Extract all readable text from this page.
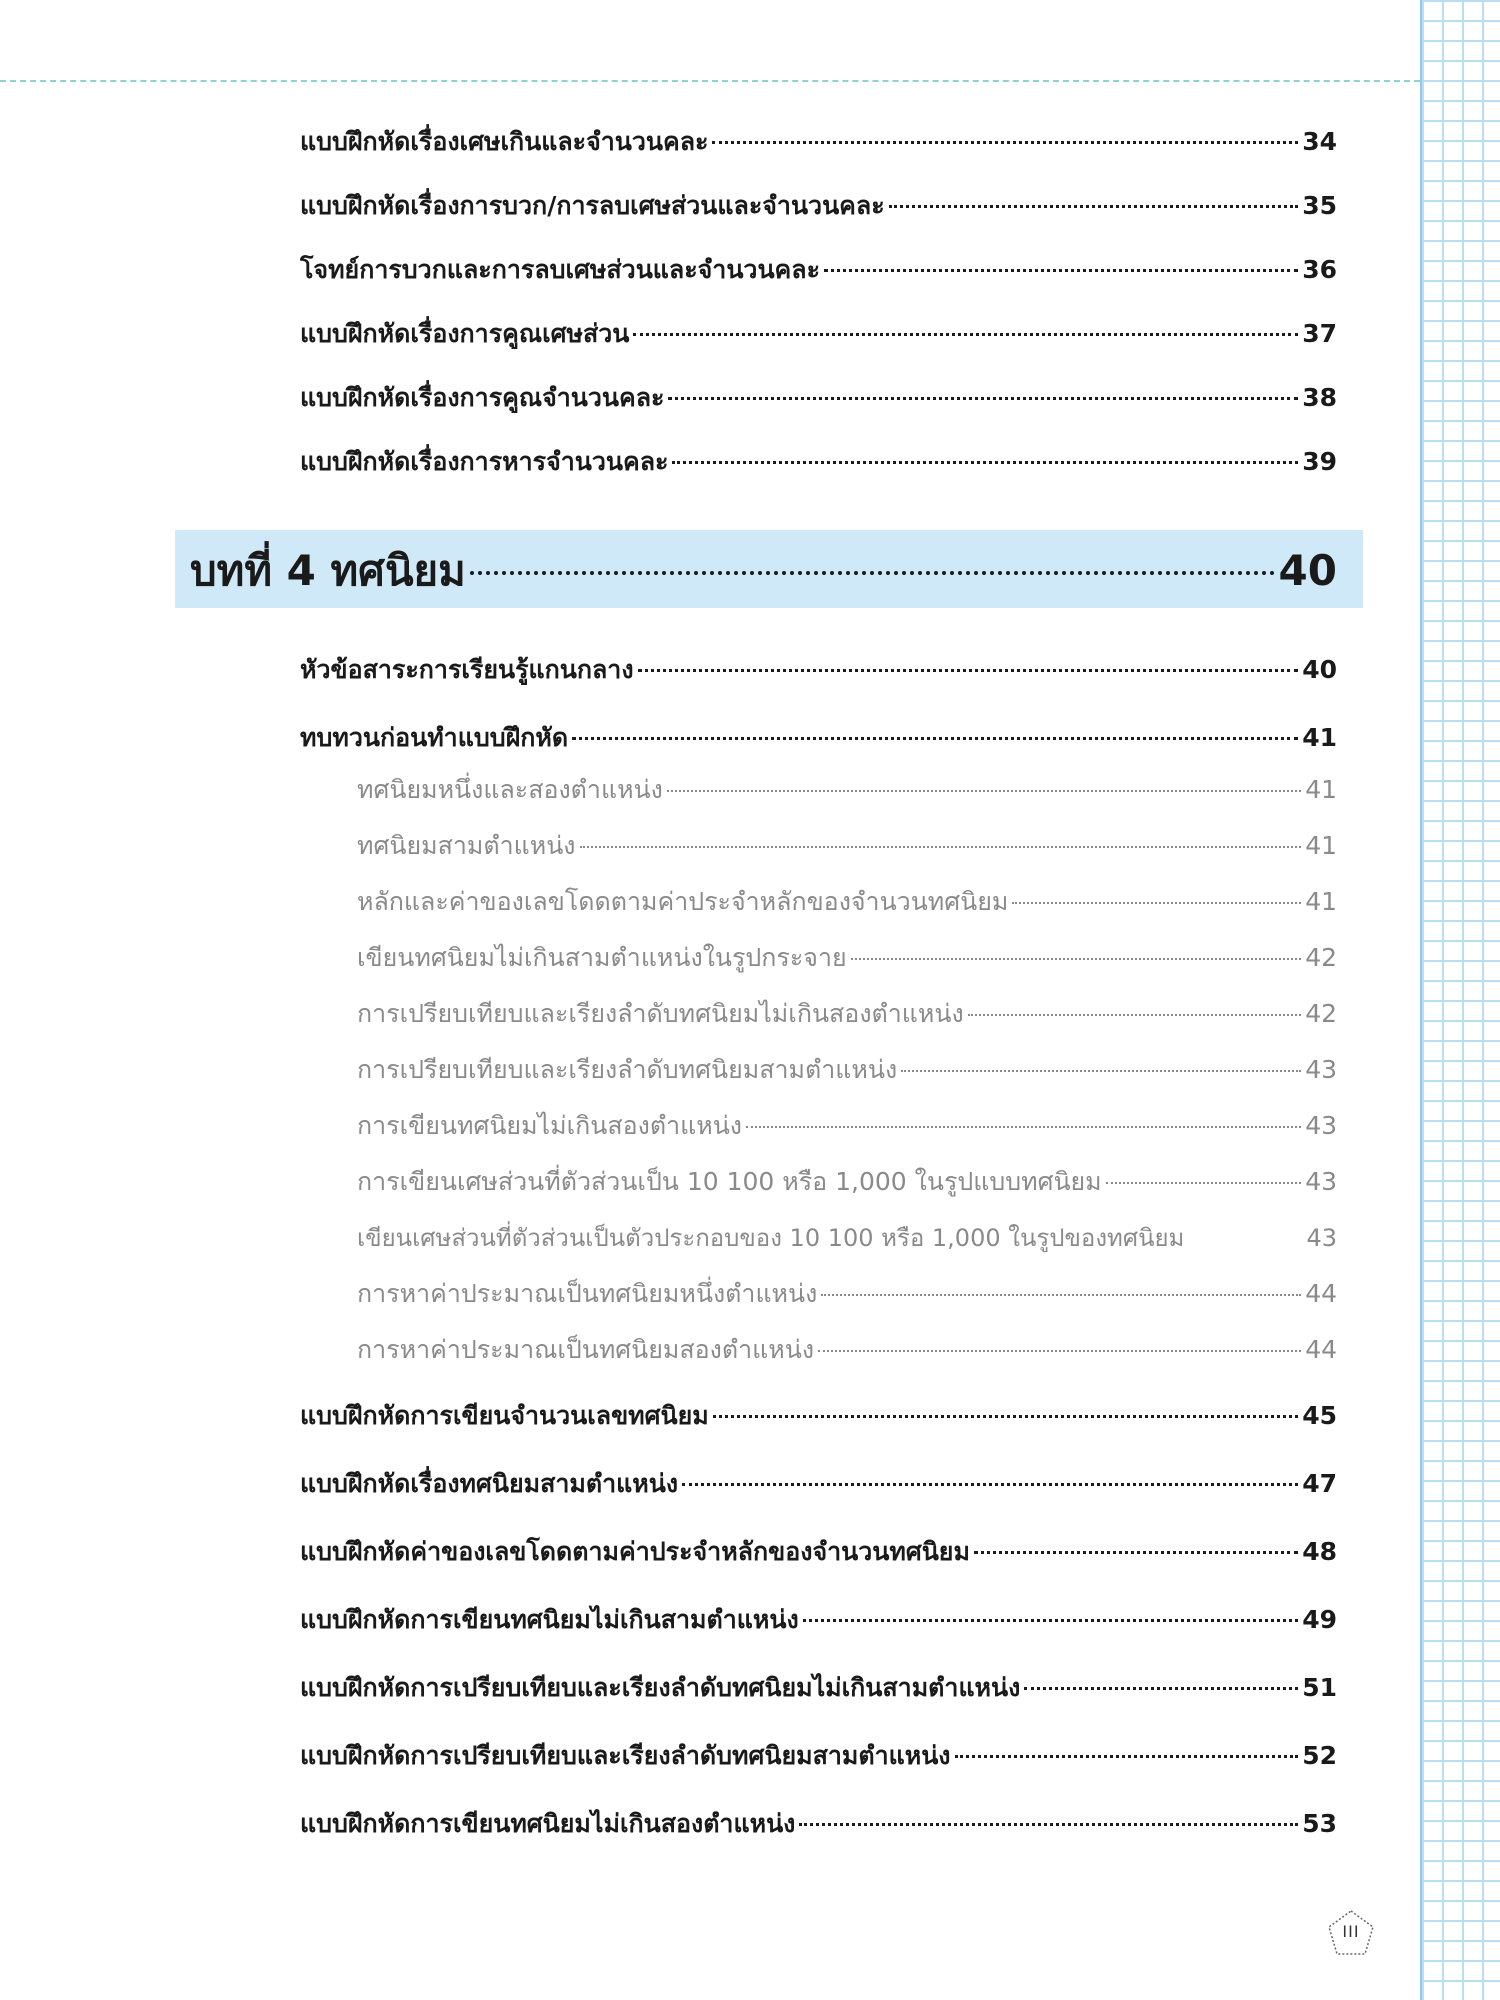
แบบฝึกหัดเรื่องเศษเกินและจำนวนคละ	34
แบบฝึกหัดเรื่องการบวก/การลบเศษส่วนและจำนวนคละ	35
โจทย์การบวกและการลบเศษส่วนและจำนวนคละ	36
แบบฝึกหัดเรื่องการคูณเศษส่วน	37
แบบฝึกหัดเรื่องการคูณจำนวนคละ	38
แบบฝึกหัดเรื่องการหารจำนวนคละ	39
บทที่ 4 ทศนิยม	40
หัวข้อสาระการเรียนรู้แกนกลาง	40
ทบทวนก่อนทำแบบฝึกหัด	41
ทศนิยมหนึ่งและสองตำแหน่ง	41
ทศนิยมสามตำแหน่ง	41
หลักและค่าของเลขโดดตามค่าประจำหลักของจำนวนทศนิยม	41
เขียนทศนิยมไม่เกินสามตำแหน่งในรูปกระจาย	42
การเปรียบเทียบและเรียงลำดับทศนิยมไม่เกินสองตำแหน่ง	42
การเปรียบเทียบและเรียงลำดับทศนิยมสามตำแหน่ง	43
การเขียนทศนิยมไม่เกินสองตำแหน่ง	43
การเขียนเศษส่วนที่ตัวส่วนเป็น 10 100 หรือ 1,000 ในรูปแบบทศนิยม	43
เขียนเศษส่วนที่ตัวส่วนเป็นตัวประกอบของ 10 100 หรือ 1,000 ในรูปของทศนิยม	43
การหาค่าประมาณเป็นทศนิยมหนึ่งตำแหน่ง	44
การหาค่าประมาณเป็นทศนิยมสองตำแหน่ง	44
แบบฝึกหัดการเขียนจำนวนเลขทศนิยม	45
แบบฝึกหัดเรื่องทศนิยมสามตำแหน่ง	47
แบบฝึกหัดค่าของเลขโดดตามค่าประจำหลักของจำนวนทศนิยม	48
แบบฝึกหัดการเขียนทศนิยมไม่เกินสามตำแหน่ง	49
แบบฝึกหัดการเปรียบเทียบและเรียงลำดับทศนิยมไม่เกินสามตำแหน่ง	51
แบบฝึกหัดการเปรียบเทียบและเรียงลำดับทศนิยมสามตำแหน่ง	52
แบบฝึกหัดการเขียนทศนิยมไม่เกินสองตำแหน่ง	53
III
